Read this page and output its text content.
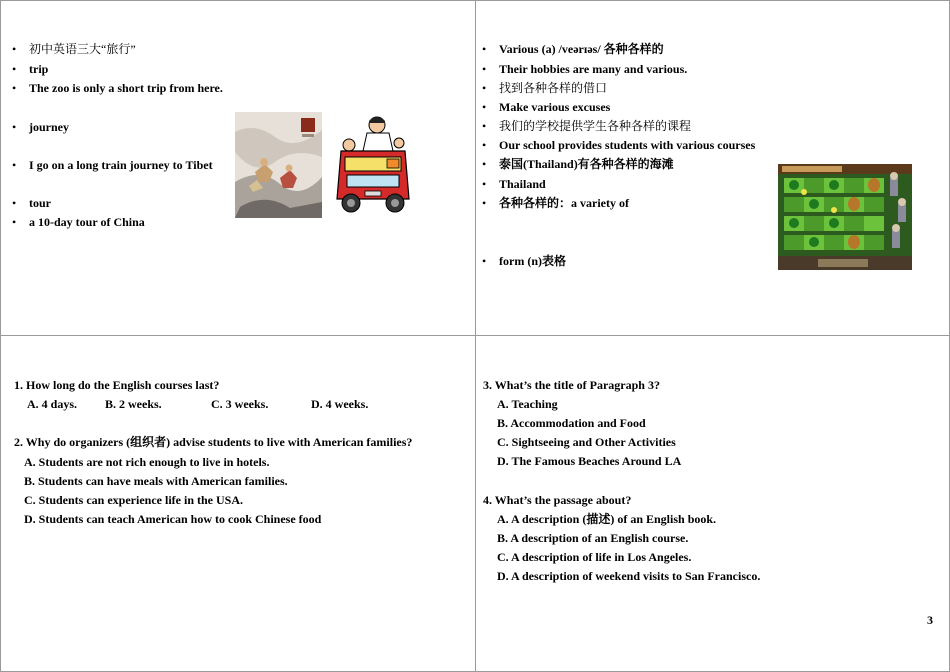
• 初中英语三大“旅行”
• trip
• The zoo is only a short trip from here.
• journey
• I go on a long train journey to Tibet
• tour
• a 10-day tour of China
• Various (a) /veərɪəs/ 各种各样的
• Their hobbies are many and various.
• 找到各种各样的借口
• Make various excuses
• 我们的学校提供学生各种各样的课程
• Our school provides students with various courses
• 泰国(Thailand)有各种各样的海滩
• Thailand
• 各种各样的：a variety of
• form (n)表格
1. How long do the English courses last?
A. 4 days. B. 2 weeks.	C. 3 weeks.	D. 4 weeks.
2. Why do organizers (组织者) advise students to live with American families?
A. Students are not rich enough to live in hotels.
B. Students can have meals with American families.
C. Students can experience life in the USA.
D. Students can teach American how to cook Chinese food
3. What’s the title of Paragraph 3?
A. Teaching
B. Accommodation and Food
C. Sightseeing and Other Activities
D. The Famous Beaches Around LA
4. What’s the passage about?
A. A description (描述) of an English book.
B. A description of an English course.
C. A description of life in Los Angeles.
D. A description of weekend visits to San Francisco.
3
